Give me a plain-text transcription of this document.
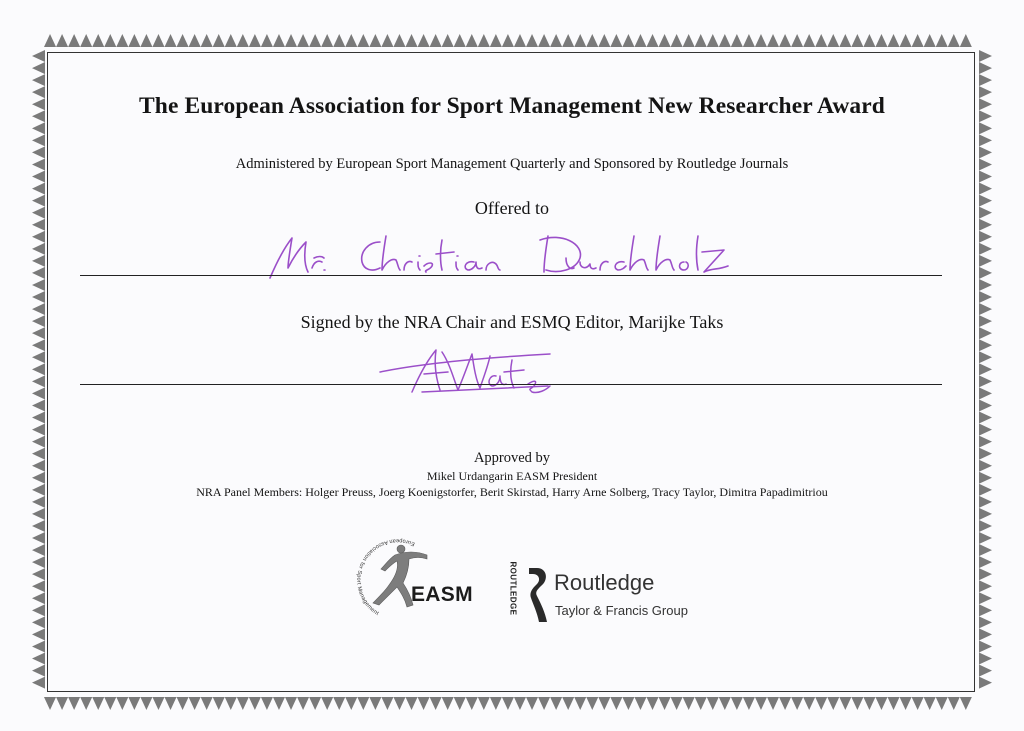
The European Association for Sport Management New Researcher Award
Administered by European Sport Management Quarterly and Sponsored by Routledge Journals
Offered to
Signed by the NRA Chair and ESMQ Editor, Marijke Taks
Approved by
Mikel Urdangarin EASM President
NRA Panel Members: Holger Preuss, Joerg Koenigstorfer, Berit Skirstad, Harry Arne Solberg, Tracy Taylor, Dimitra Papadimitriou
European Association for Sport Management
EASM	ROUTLEDGE Routledge
Taylor & Francis Group
